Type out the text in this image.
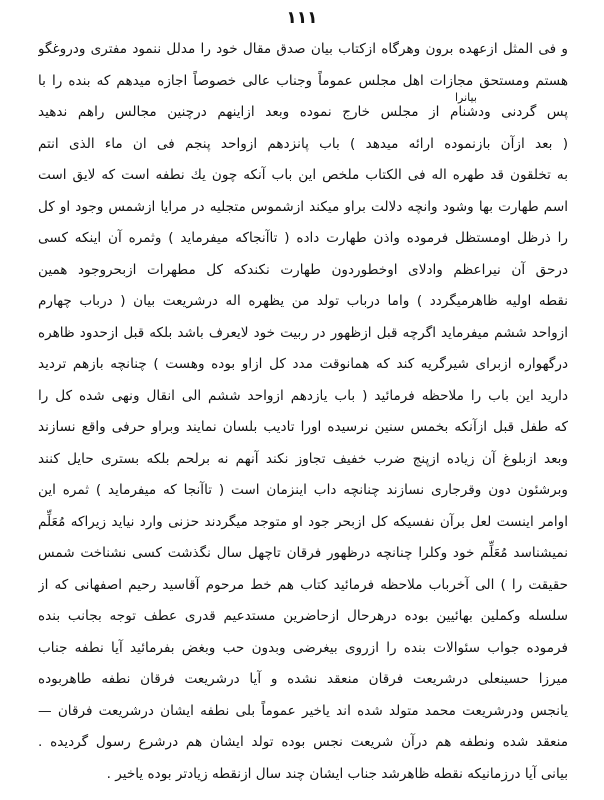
۱۱۱
بیانرا
و فی المثل ازعهده برون وهرگاه ازکتاب بیان صدق مقال خود را مدلل ننمود مفتری ودروغگو
هستم ومستحق مجازات اهل مجلس عموماً وجناب عالی خصوصاً اجازه میدهم که بنده را با
پس گردنی ودشنام از مجلس خارج نموده وبعد ازاینهم درچنین مجالس راهم ندهید
( بعد ازآن بازنموده ارائه میدهد ) باب پانزدهم ازواحد پنجم فی ان ماء الذی انتم
به تخلقون قد طهره اله فی الکتاب ملخص این باب آنکه چون یك نطفه است که لایق است
اسم طهارت بها وشود وانچه دلالت براو میکند ازشموس متجلیه در مرایا ازشمس وجود او کل
را ذرظل اومستظل فرموده واذن طهارت داده ( تاآنجاکه میفرماید ) وثمره آن اینکه کسی
درحق آن نیراعظم وادلای اوخطوردون طهارت نکندکه کل مطهرات ازبحروجود همین
نقطه اولیه ظاهرمیگردد ) واما درباب تولد من یظهره اله درشریعت بیان ( درباب چهارم
ازواحد ششم میفرماید اگرچه قبل ازظهور در ربیت خود لایعرف باشد بلکه قبل ازحدود ظاهره
درگهواره ازبرای شیرگریه کند که همانوقت مدد کل ازاو بوده وهست ) چنانچه بازهم تردید
دارید این باب را ملاحظه فرمائید ( باب یازدهم ازواحد ششم الی انقال ونهی شده کل را
که طفل قبل ازآنکه بخمس سنین نرسیده اورا تادیب بلسان نمایند وبراو حرفی واقع نسازند
وبعد ازبلوغ آن زیاده ازپنج ضرب خفیف تجاوز نکند آنهم نه برلحم بلکه بستری حایل کنند
وبرشئون دون وقرجاری نسازند چنانچه داب اینزمان است ( تاآنجا که میفرماید ) ثمره این
اوامر اینست لعل برآن نفسیکه کل ازبحر جود او متوجد میگردند حزنی وارد نیاید زیراکه مُعَلِّم
نمیشناسد مُعَلِّم خود وکلرا چنانچه درظهور فرقان تاچهل سال نگذشت کسی نشناخت شمس
حقیقت را ) الی آخرباب ملاحظه فرمائید کتاب هم خط مرحوم آقاسید رحیم اصفهانی که از
سلسله وکملین بهائیین بوده درهرحال ازحاضرین مستدعیم قدری عطف توجه بجانب بنده
فرموده جواب سئوالات بنده را ازروی بیغرضی وبدون حب وبغض بفرمائید آیا نطفه جناب
میرزا حسینعلی درشریعت فرقان منعقد نشده و آیا درشریعت فرقان نطفه طاهربوده
یانجس ودرشریعت محمد متولد شده اند یاخیر عموماً بلی نطفه ایشان درشریعت فرقان —
منعقد شده ونطفه هم درآن شریعت نجس بوده تولد ایشان هم درشرع رسول گردیده .
بیانی آیا درزمانیکه نقطه ظاهرشد جناب ایشان چند سال ازنقطه زیادتر بوده یاخیر .
